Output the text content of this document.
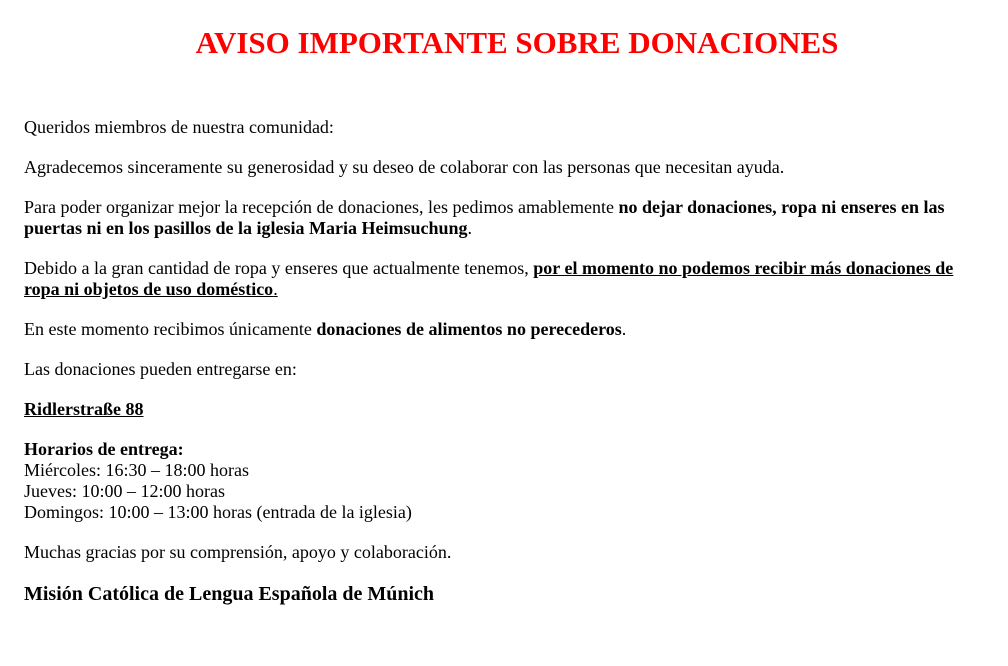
AVISO IMPORTANTE SOBRE DONACIONES

Queridos miembros de nuestra comunidad:

Agradecemos sinceramente su generosidad y su deseo de colaborar con las personas que necesitan ayuda.

Para poder organizar mejor la recepción de donaciones, les pedimos amablemente no dejar donaciones, ropa ni enseres en las puertas ni en los pasillos de la iglesia Maria Heimsuchung.

Debido a la gran cantidad de ropa y enseres que actualmente tenemos, por el momento no podemos recibir más donaciones de ropa ni objetos de uso doméstico.

En este momento recibimos únicamente donaciones de alimentos no perecederos.

Las donaciones pueden entregarse en:

Ridlerstraße 88

Horarios de entrega:
Miércoles: 16:30 – 18:00 horas
Jueves: 10:00 – 12:00 horas
Domingos: 10:00 – 13:00 horas (entrada de la iglesia)

Muchas gracias por su comprensión, apoyo y colaboración.

Misión Católica de Lengua Española de Múnich
